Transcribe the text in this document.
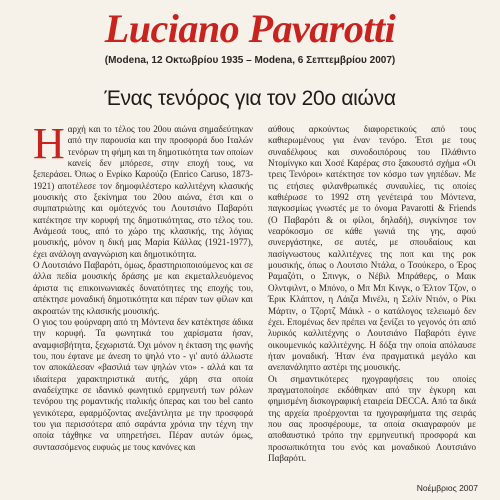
Luciano Pavarotti
(Modena, 12 Οκτωβρίου 1935 – Modena, 6 Σεπτεμβρίου 2007)
Ένας τενόρος για τον 20ο αιώνα

Ηαρχή και το τέλος του 20ου αιώνα σημαδεύτηκαν από την παρουσία και την προσφορά δυο Ιταλών τενόρων τη φήμη και τη δημοτικότητα των οποίων κανείς δεν μπόρεσε, στην εποχή τους, να ξεπεράσει. Όπως ο Ενρίκο Καρούζο (Enrico Caruso, 1873-1921) αποτέλεσε τον δημοφιλέστερο καλλιτέχνη κλασικής μουσικής στο ξεκίνημα του 20ου αιώνα, έτσι και ο συμπατριώτης και ομότεχνός του Λουτσιάνο Παβαρότι κατέκτησε την κορυφή της δημοτικότητας, στο τέλος του. Ανάμεσά τους, από το χώρο της κλασικής, της λόγιας μουσικής, μόνον η δική μας Μαρία Κάλλας (1921-1977), έχει ανάλογη αναγνώριση και δημοτικότητα.

Ο Λουτσιάνο Παβαρότι, όμως, δραστηριοποιούμενος και σε άλλα πεδία μουσικής δράσης με και εκμεταλλευόμενος άριστα τις επικοινωνιακές δυνατότητες της εποχής του, απέκτησε μοναδική δημοτικότητα και πέραν των φίλων και ακροατών της κλασικής μουσικής.

Ο γιος του φούρναρη από τη Μόντενα δεν κατέκτησε άδικα την κορυφή. Τα φωνητικά του χαρίσματα ήσαν, αναμφισβήτητα, ξεχωριστά. Όχι μόνον η έκταση της φωνής του, που έφτανε με άνεση το ψηλό ντο - γι' αυτό άλλωστε τον αποκάλεσαν «βασιλιά των ψηλών ντο» - αλλά και τα ιδιαίτερα χαρακτηριστικά αυτής, χάρη στα οποία αναδείχτηκε σε ιδανικό φωνητικό ερμηνευτή των ρόλων τενόρου της ρομαντικής ιταλικής όπερας και του bel canto γενικότερα, εφαρμόζοντας ανεξάντλητα με την προσφορά του για περισσότερα από σαράντα χρόνια την τέχνη την οποία τάχθηκε να υπηρετήσει. Πέραν αυτών όμως, συντασσόμενος ευφυώς με τους κανόνες και

αύθους αρκούντως διαφορετικούς από τους καθιερωμένους για έναν τενόρο. Έτσι με τους συναδέλφους και συνοδοιπόρους του Πλάθιντο Ντομίνγκο και Χοσέ Καρέρας στο ξακουστό σχήμα «Οι τρεις Τενόροι» κατέκτησε τον κόσμο των γηπέδων. Με τις ετήσιες φιλανθρωπικές συναυλίες, τις οποίες καθιέρωσε το 1992 στη γενέτειρά του Μόντενα, παγκοσμίως γνωστές με το όνομα Pavarotti & Friends (Ο Παβαρότι & οι φίλοι, δηλαδή), συγκίνησε τον νεαρόκοσμο σε κάθε γωνιά της γης, αφού συνεργάστηκε, σε αυτές, με σπουδαίους και πασίγνωστους καλλιτέχνες της ποπ και της ροκ μουσικής, όπως ο Λουτσιο Ντάλα, ο Τσούκερο, ο Έρος Ραμαζότι, ο Σπινγκ, ο Νέβιλ Μπράθερς, ο Μαικ Ολντφιλντ, ο Μπόνο, ο Μπ Μπ Κινγκ, ο Έλτον Τζον, ο Έρικ Κλάπτον, η Λάιζα Μινέλι, η Σελίν Ντιόν, ο Ρίκι Μάρτιν, ο Τζορτζ Μάικλ - ο κατάλογος τελειωμό δεν έχει. Επομένως δεν πρέπει να ξενίζει το γεγονός ότι από λυρικός καλλιτέχνης ο Λουτσιάνο Παβαρότι έγινε οικουμενικός καλλιτέχνης. Η δόξα την οποία απόλαυσε ήταν μοναδική. Ήταν ένα πραγματικά μεγάλο και ανεπανάληπτο αστέρι της μουσικής.

Οι σημαντικότερες ηχογραφήσεις του οποίες πραγματοποίησε εκδόθηκαν από την έγκυρη και φημισμένη δισκογραφική εταιρεία DECCA. Από τα δικά της αρχεία προέρχονται τα ηχογραφήματα της σειράς που σας προσφέρουμε, τα οποία σκιαγραφούν με αποθαυστικό τρόπο την ερμηνευτική προσφορά και προσωπικότητα του ενός και μοναδικού Λουτσιάνο Παβαρότι.

Νοέμβριος 2007
